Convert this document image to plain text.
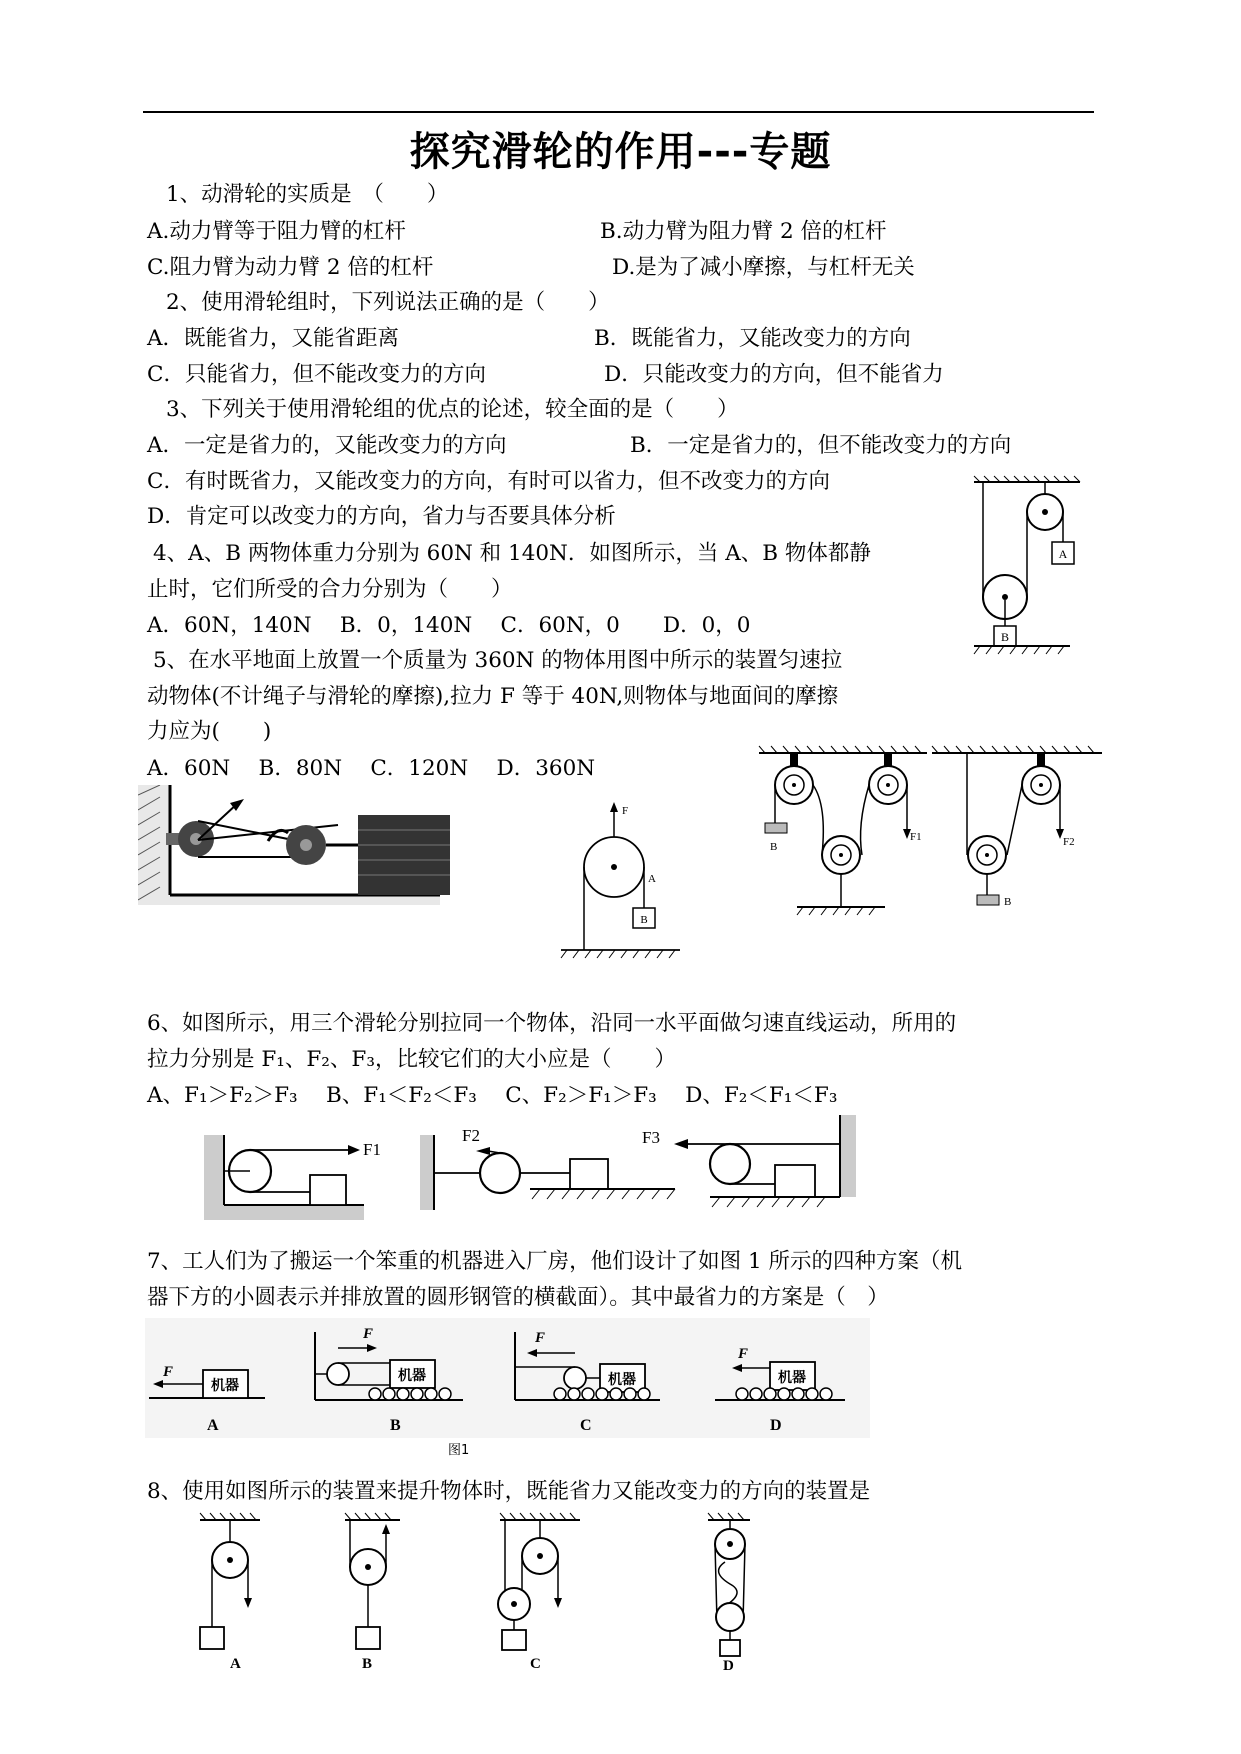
探究滑轮的作用---专题
1、动滑轮的实质是　（　　）
A.动力臂等于阻力臂的杠杆	B.动力臂为阻力臂 2 倍的杠杆
C.阻力臂为动力臂 2 倍的杠杆	D.是为了减小摩擦，与杠杆无关
2、使用滑轮组时，下列说法正确的是（　　）
A．既能省力，又能省距离	B．既能省力，又能改变力的方向
C．只能省力，但不能改变力的方向	D．只能改变力的方向，但不能省力
3、下列关于使用滑轮组的优点的论述，较全面的是（　　）
A．一定是省力的，又能改变力的方向	B．一定是省力的，但不能改变力的方向
C．有时既省力，又能改变力的方向，有时可以省力，但不改变力的方向
D．肯定可以改变力的方向，省力与否要具体分析
4、A、B 两物体重力分别为 60N 和 140N．如图所示，当 A、B 物体都静
止时，它们所受的合力分别为（　　）
A．60N，140N　 B．0，140N　 C．60N，0　　D．0，0
A
B
5、在水平地面上放置一个质量为 360N 的物体用图中所示的装置匀速拉
动物体(不计绳子与滑轮的摩擦),拉力 F 等于 40N,则物体与地面间的摩擦
力应为(　　)
A．60N　 B．80N　 C．120N　 D．360N
F
A
B
B
F1	F2
B
6、如图所示，用三个滑轮分别拉同一个物体，沿同一水平面做匀速直线运动，所用的
拉力分别是 F₁、F₂、F₃，比较它们的大小应是（　　）
A、F₁＞F₂＞F₃　 B、F₁＜F₂＜F₃　 C、F₂＞F₁＞F₃　 D、F₂＜F₁＜F₃
F1
F2	F3
7、工人们为了搬运一个笨重的机器进入厂房，他们设计了如图 1 所示的四种方案（机
器下方的小圆表示并排放置的圆形钢管的横截面）。其中最省力的方案是（　）
机器
F
A
机器
F
B
F
机器
C
机器
F
D
图1
8、使用如图所示的装置来提升物体时，既能省力又能改变力的方向的装置是
A	B	C	D
